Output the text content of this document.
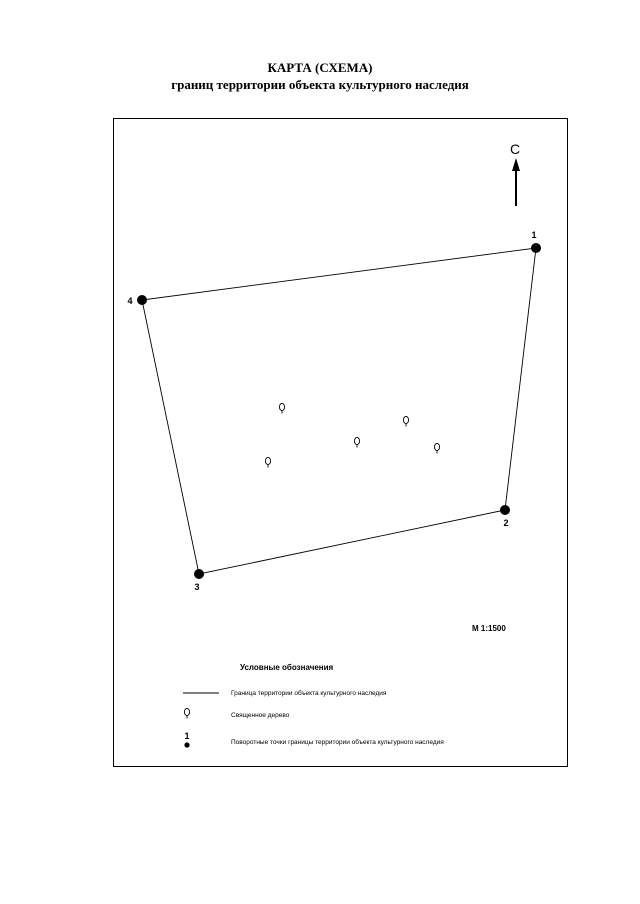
КАРТА (СХЕМА)
границ территории объекта культурного наследия
С
1
2
3
4
М 1:1500
Условные обозначения
Граница территории объекта культурного наследия
Священное дерево
1
Поворотные точки границы территории объекта культурного наследия
